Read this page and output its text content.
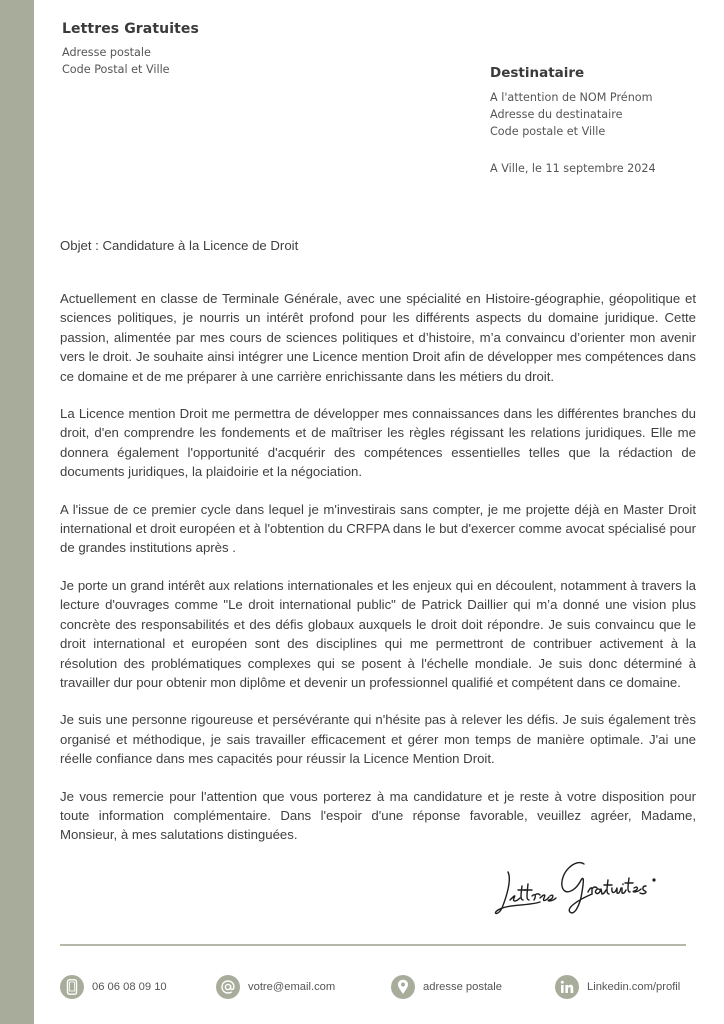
Lettres Gratuites
Adresse postale
Code Postal et Ville	Destinataire
A l'attention de NOM Prénom
Adresse du destinataire
Code postale et Ville
A Ville, le 11 septembre 2024
Objet : Candidature à la Licence de Droit

Actuellement en classe de Terminale Générale, avec une spécialité en Histoire-géographie, géopolitique et sciences politiques, je nourris un intérêt profond pour les différents aspects du domaine juridique. Cette passion, alimentée par mes cours de sciences politiques et d’histoire, m’a convaincu d’orienter mon avenir vers le droit. Je souhaite ainsi intégrer une Licence mention Droit afin de développer mes compétences dans ce domaine et de me préparer à une carrière enrichissante dans les métiers du droit.

La Licence mention Droit me permettra de développer mes connaissances dans les différentes branches du droit, d'en comprendre les fondements et de maîtriser les règles régissant les relations juridiques. Elle me donnera également l'opportunité d'acquérir des compétences essentielles telles que la rédaction de documents juridiques, la plaidoirie et la négociation.

A l'issue de ce premier cycle dans lequel je m'investirais sans compter, je me projette déjà en Master Droit international et droit européen et à l'obtention du CRFPA dans le but d'exercer comme avocat spécialisé pour de grandes institutions après .

Je porte un grand intérêt aux relations internationales et les enjeux qui en découlent, notamment à travers la lecture d'ouvrages comme "Le droit international public" de Patrick Daillier qui m’a donné une vision plus concrète des responsabilités et des défis globaux auxquels le droit doit répondre. Je suis convaincu que le droit international et européen sont des disciplines qui me permettront de contribuer activement à la résolution des problématiques complexes qui se posent à l'échelle mondiale. Je suis donc déterminé à travailler dur pour obtenir mon diplôme et devenir un professionnel qualifié et compétent dans ce domaine.

Je suis une personne rigoureuse et persévérante qui n'hésite pas à relever les défis. Je suis également très organisé et méthodique, je sais travailler efficacement et gérer mon temps de manière optimale. J'ai une réelle confiance dans mes capacités pour réussir la Licence Mention Droit.

Je vous remercie pour l'attention que vous porterez à ma candidature et je reste à votre disposition pour toute information complémentaire. Dans l'espoir d'une réponse favorable, veuillez agréer, Madame, Monsieur, à mes salutations distinguées.

06 06 08 09 10	votre@email.com	adresse postale	Linkedin.com/profil
